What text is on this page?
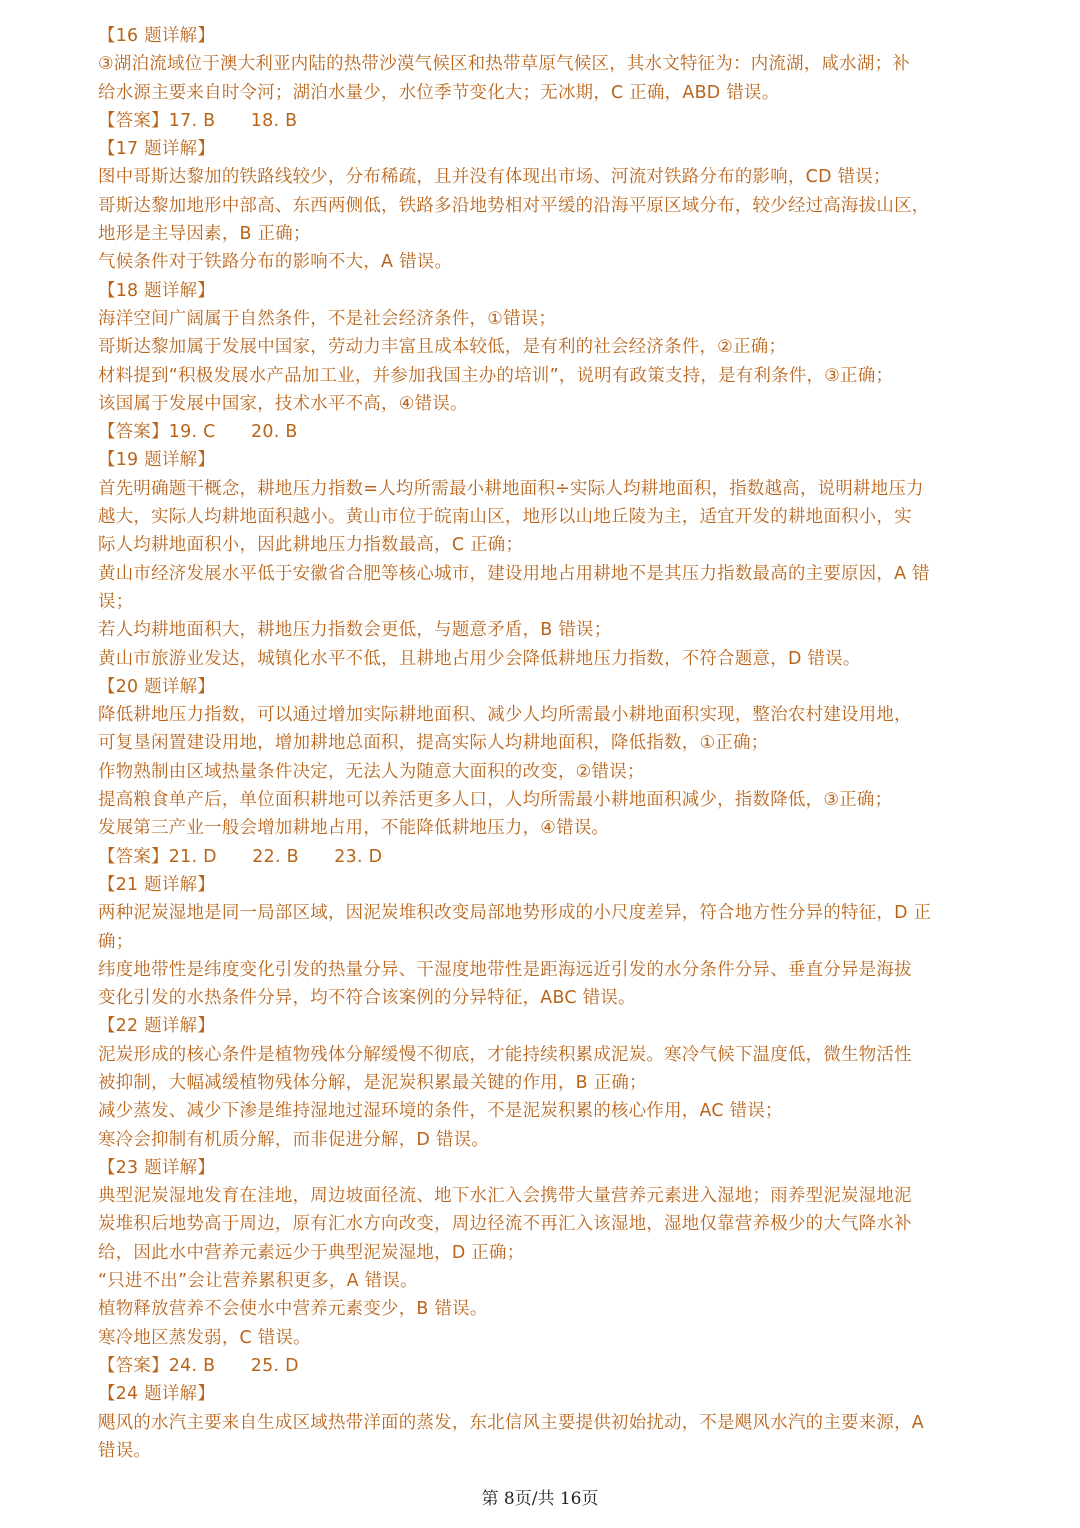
【16 题详解】
③湖泊流域位于澳大利亚内陆的热带沙漠气候区和热带草原气候区，其水文特征为：内流湖，咸水湖；补
给水源主要来自时令河；湖泊水量少，水位季节变化大；无冰期，C 正确，ABD 错误。
【答案】17. B　　18. B
【17 题详解】
图中哥斯达黎加的铁路线较少，分布稀疏，且并没有体现出市场、河流对铁路分布的影响，CD 错误；
哥斯达黎加地形中部高、东西两侧低，铁路多沿地势相对平缓的沿海平原区域分布，较少经过高海拔山区，
地形是主导因素，B 正确；
气候条件对于铁路分布的影响不大，A 错误。
【18 题详解】
海洋空间广阔属于自然条件，不是社会经济条件，①错误；
哥斯达黎加属于发展中国家，劳动力丰富且成本较低，是有利的社会经济条件，②正确；
材料提到“积极发展水产品加工业，并参加我国主办的培训”，说明有政策支持，是有利条件，③正确；
该国属于发展中国家，技术水平不高，④错误。
【答案】19. C　　20. B
【19 题详解】
首先明确题干概念，耕地压力指数=人均所需最小耕地面积÷实际人均耕地面积，指数越高，说明耕地压力
越大，实际人均耕地面积越小。黄山市位于皖南山区，地形以山地丘陵为主，适宜开发的耕地面积小，实
际人均耕地面积小，因此耕地压力指数最高，C 正确；
黄山市经济发展水平低于安徽省合肥等核心城市，建设用地占用耕地不是其压力指数最高的主要原因，A 错
误；
若人均耕地面积大，耕地压力指数会更低，与题意矛盾，B 错误；
黄山市旅游业发达，城镇化水平不低，且耕地占用少会降低耕地压力指数，不符合题意，D 错误。
【20 题详解】
降低耕地压力指数，可以通过增加实际耕地面积、减少人均所需最小耕地面积实现，整治农村建设用地，
可复垦闲置建设用地，增加耕地总面积，提高实际人均耕地面积，降低指数，①正确；
作物熟制由区域热量条件决定，无法人为随意大面积的改变，②错误；
提高粮食单产后，单位面积耕地可以养活更多人口，人均所需最小耕地面积减少，指数降低，③正确；
发展第三产业一般会增加耕地占用，不能降低耕地压力，④错误。
【答案】21. D　　22. B　　23. D
【21 题详解】
两种泥炭湿地是同一局部区域，因泥炭堆积改变局部地势形成的小尺度差异，符合地方性分异的特征，D 正
确；
纬度地带性是纬度变化引发的热量分异、干湿度地带性是距海远近引发的水分条件分异、垂直分异是海拔
变化引发的水热条件分异，均不符合该案例的分异特征，ABC 错误。
【22 题详解】
泥炭形成的核心条件是植物残体分解缓慢不彻底，才能持续积累成泥炭。寒冷气候下温度低，微生物活性
被抑制，大幅减缓植物残体分解，是泥炭积累最关键的作用，B 正确；
减少蒸发、减少下渗是维持湿地过湿环境的条件，不是泥炭积累的核心作用，AC 错误；
寒冷会抑制有机质分解，而非促进分解，D 错误。
【23 题详解】
典型泥炭湿地发育在洼地，周边坡面径流、地下水汇入会携带大量营养元素进入湿地；雨养型泥炭湿地泥
炭堆积后地势高于周边，原有汇水方向改变，周边径流不再汇入该湿地，湿地仅靠营养极少的大气降水补
给，因此水中营养元素远少于典型泥炭湿地，D 正确；
“只进不出”会让营养累积更多，A 错误。
植物释放营养不会使水中营养元素变少，B 错误。
寒冷地区蒸发弱，C 错误。
【答案】24. B　　25. D
【24 题详解】
飓风的水汽主要来自生成区域热带洋面的蒸发，东北信风主要提供初始扰动，不是飓风水汽的主要来源，A
错误。
第 8页/共 16页
